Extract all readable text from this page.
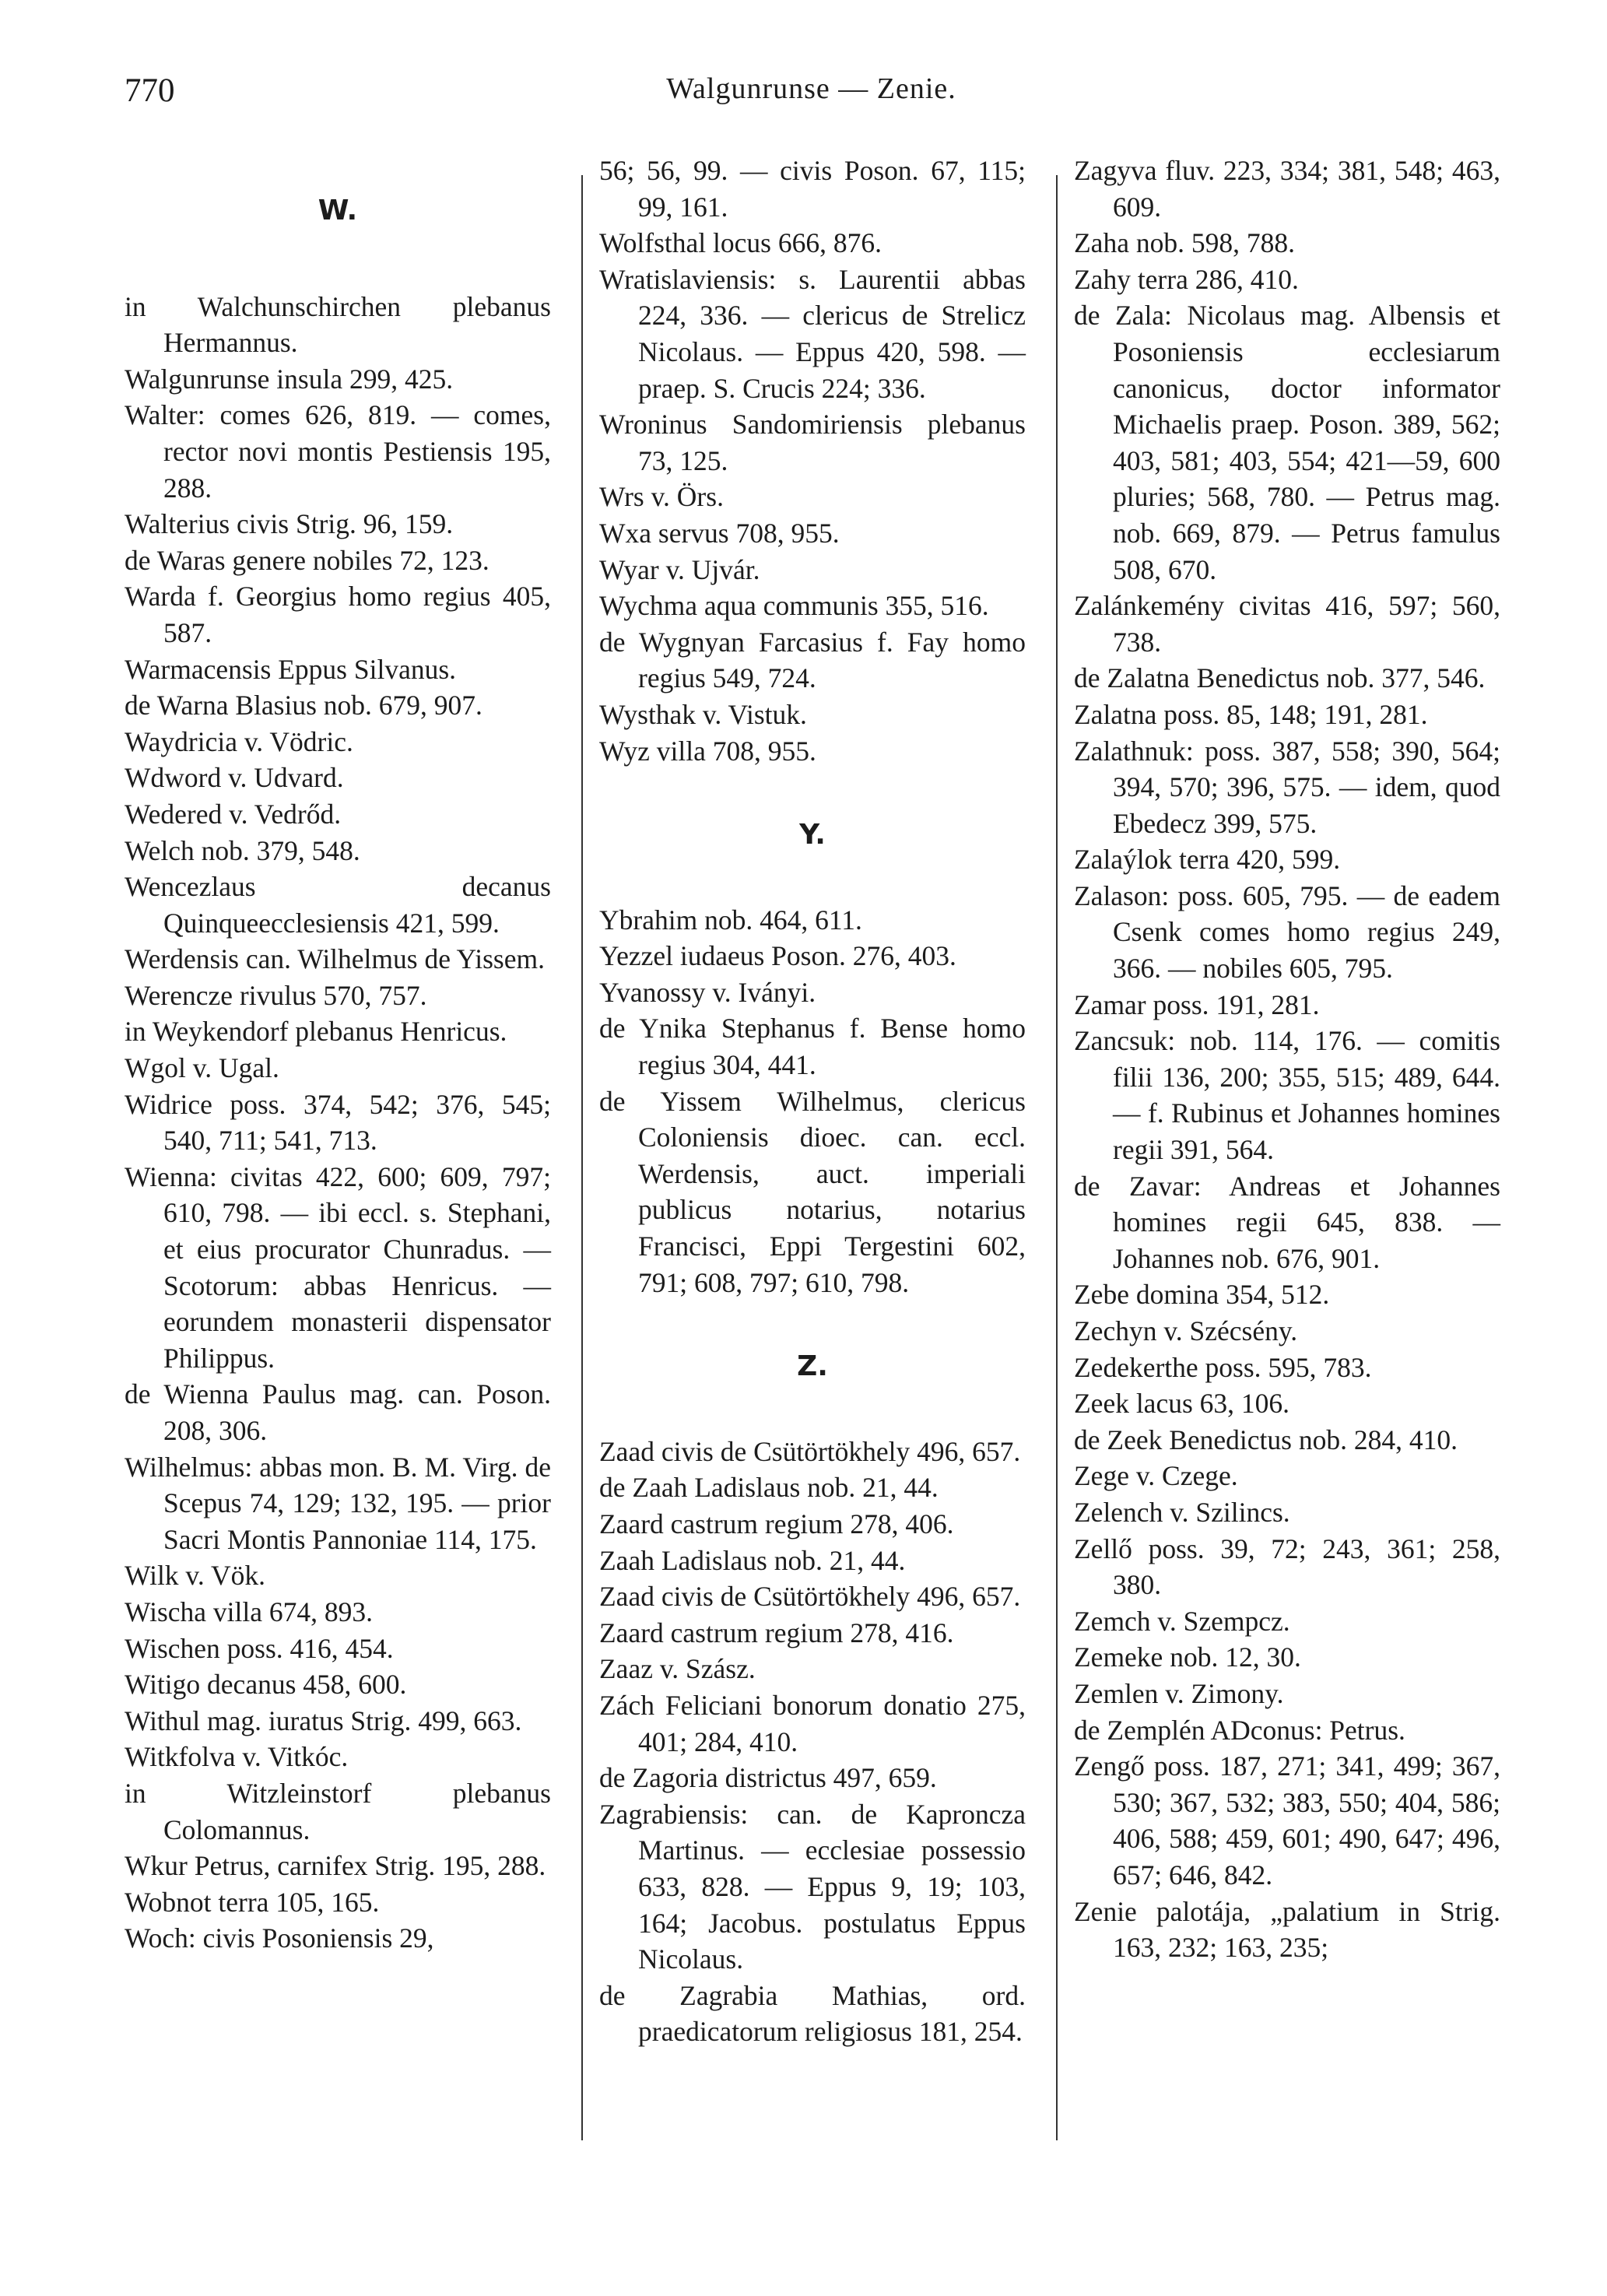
770	Walgunrunse — Zenie.

W.

in Walchunschirchen plebanus Hermannus.

Walgunrunse insula 299, 425.

Walter: comes 626, 819. — comes, rector novi montis Pestiensis 195, 288.

Walterius civis Strig. 96, 159.

de Waras genere nobiles 72, 123.

Warda f. Georgius homo regius 405, 587.

Warmacensis Eppus Silvanus.

de Warna Blasius nob. 679, 907.

Waydricia v. Vödric.

Wdword v. Udvard.

Wedered v. Vedrőd.

Welch nob. 379, 548.

Wencezlaus decanus Quinqueecclesiensis 421, 599.

Werdensis can. Wilhelmus de Yissem.

Werencze rivulus 570, 757.

in Weykendorf plebanus Henricus.

Wgol v. Ugal.

Widrice poss. 374, 542; 376, 545; 540, 711; 541, 713.

Wienna: civitas 422, 600; 609, 797; 610, 798. — ibi eccl. s. Stephani, et eius procurator Chunradus. — Scotorum: abbas Henricus. — eorundem monasterii dispensator Philippus.

de Wienna Paulus mag. can. Poson. 208, 306.

Wilhelmus: abbas mon. B. M. Virg. de Scepus 74, 129; 132, 195. — prior Sacri Montis Pannoniae 114, 175.

Wilk v. Vök.

Wischa villa 674, 893.

Wischen poss. 416, 454.

Witigo decanus 458, 600.

Withul mag. iuratus Strig. 499, 663.

Witkfolva v. Vitkóc.

in Witzleinstorf plebanus Colomannus.

Wkur Petrus, carnifex Strig. 195, 288.

Wobnot terra 105, 165.

Woch: civis Posoniensis 29,

56; 56, 99. — civis Poson. 67, 115; 99, 161.

Wolfsthal locus 666, 876.

Wratislaviensis: s. Laurentii abbas 224, 336. — clericus de Strelicz Nicolaus. — Eppus 420, 598. — praep. S. Crucis 224; 336.

Wroninus Sandomiriensis plebanus 73, 125.

Wrs v. Örs.

Wxa servus 708, 955.

Wyar v. Ujvár.

Wychma aqua communis 355, 516.

de Wygnyan Farcasius f. Fay homo regius 549, 724.

Wysthak v. Vistuk.

Wyz villa 708, 955.

Y.

Ybrahim nob. 464, 611.

Yezzel iudaeus Poson. 276, 403.

Yvanossy v. Iványi.

de Ynika Stephanus f. Bense homo regius 304, 441.

de Yissem Wilhelmus, clericus Coloniensis dioec. can. eccl. Werdensis, auct. imperiali publicus notarius, notarius Francisci, Eppi Tergestini 602, 791; 608, 797; 610, 798.

Z.

Zaad civis de Csütörtökhely 496, 657.

de Zaah Ladislaus nob. 21, 44.

Zaard castrum regium 278, 406.

Zaah Ladislaus nob. 21, 44.

Zaad civis de Csütörtökhely 496, 657.

Zaard castrum regium 278, 416.

Zaaz v. Szász.

Zách Feliciani bonorum donatio 275, 401; 284, 410.

de Zagoria districtus 497, 659.

Zagrabiensis: can. de Kaproncza Martinus. — ecclesiae possessio 633, 828. — Eppus 9, 19; 103, 164; Jacobus. postulatus Eppus Nicolaus.

de Zagrabia Mathias, ord. praedicatorum religiosus 181, 254.

Zagyva fluv. 223, 334; 381, 548; 463, 609.

Zaha nob. 598, 788.

Zahy terra 286, 410.

de Zala: Nicolaus mag. Albensis et Posoniensis ecclesiarum canonicus, doctor informator Michaelis praep. Poson. 389, 562; 403, 581; 403, 554; 421—59, 600 pluries; 568, 780. — Petrus mag. nob. 669, 879. — Petrus famulus 508, 670.

Zalánkemény civitas 416, 597; 560, 738.

de Zalatna Benedictus nob. 377, 546.

Zalatna poss. 85, 148; 191, 281.

Zalathnuk: poss. 387, 558; 390, 564; 394, 570; 396, 575. — idem, quod Ebedecz 399, 575.

Zalaýlok terra 420, 599.

Zalason: poss. 605, 795. — de eadem Csenk comes homo regius 249, 366. — nobiles 605, 795.

Zamar poss. 191, 281.

Zancsuk: nob. 114, 176. — comitis filii 136, 200; 355, 515; 489, 644. — f. Rubinus et Johannes homines regii 391, 564.

de Zavar: Andreas et Johannes homines regii 645, 838. — Johannes nob. 676, 901.

Zebe domina 354, 512.

Zechyn v. Szécsény.

Zedekerthe poss. 595, 783.

Zeek lacus 63, 106.

de Zeek Benedictus nob. 284, 410.

Zege v. Czege.

Zelench v. Szilincs.

Zellő poss. 39, 72; 243, 361; 258, 380.

Zemch v. Szempcz.

Zemeke nob. 12, 30.

Zemlen v. Zimony.

de Zemplén ADconus: Petrus.

Zengő poss. 187, 271; 341, 499; 367, 530; 367, 532; 383, 550; 404, 586; 406, 588; 459, 601; 490, 647; 496, 657; 646, 842.

Zenie palotája, „palatium in Strig. 163, 232; 163, 235;
